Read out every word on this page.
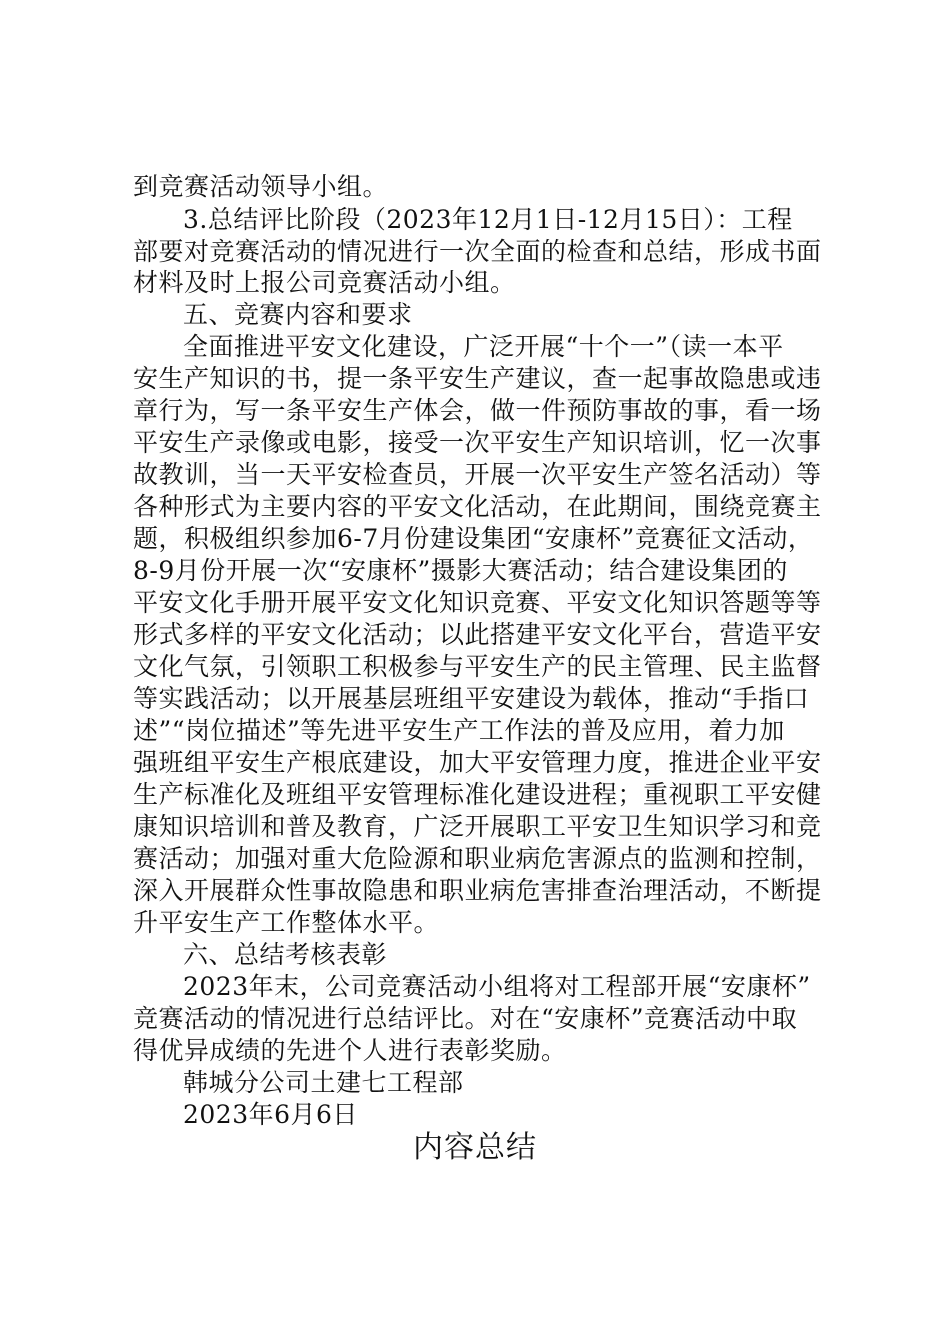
到竞赛活动领导小组。
3.总结评比阶段（2023年12月1日-12月15日）：工程
部要对竞赛活动的情况进行一次全面的检查和总结，形成书面
材料及时上报公司竞赛活动小组。
五、竞赛内容和要求
全面推进平安文化建设，广泛开展“十个一”（读一本平
安生产知识的书，提一条平安生产建议，查一起事故隐患或违
章行为，写一条平安生产体会，做一件预防事故的事，看一场
平安生产录像或电影，接受一次平安生产知识培训，忆一次事
故教训，当一天平安检查员，开展一次平安生产签名活动）等
各种形式为主要内容的平安文化活动，在此期间，围绕竞赛主
题，积极组织参加6-7月份建设集团“安康杯”竞赛征文活动，
8-9月份开展一次“安康杯”摄影大赛活动；结合建设集团的
平安文化手册开展平安文化知识竞赛、平安文化知识答题等等
形式多样的平安文化活动；以此搭建平安文化平台，营造平安
文化气氛，引领职工积极参与平安生产的民主管理、民主监督
等实践活动；以开展基层班组平安建设为载体，推动“手指口
述”“岗位描述”等先进平安生产工作法的普及应用，着力加
强班组平安生产根底建设，加大平安管理力度，推进企业平安
生产标准化及班组平安管理标准化建设进程；重视职工平安健
康知识培训和普及教育，广泛开展职工平安卫生知识学习和竞
赛活动；加强对重大危险源和职业病危害源点的监测和控制，
深入开展群众性事故隐患和职业病危害排查治理活动，不断提
升平安生产工作整体水平。
六、总结考核表彰
2023年末，公司竞赛活动小组将对工程部开展“安康杯”
竞赛活动的情况进行总结评比。对在“安康杯”竞赛活动中取
得优异成绩的先进个人进行表彰奖励。
韩城分公司土建七工程部
2023年6月6日
内容总结
